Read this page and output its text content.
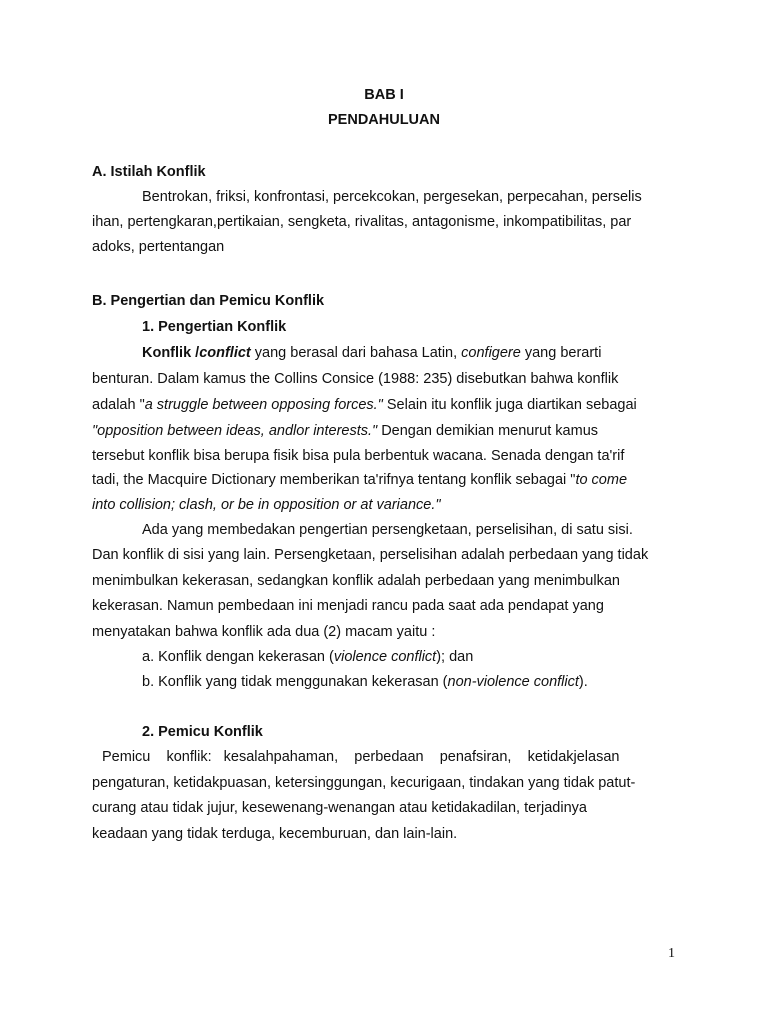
BAB I
PENDAHULUAN
A. Istilah Konflik
Bentrokan, friksi, konfrontasi, percekcokan, pergesekan, perpecahan, perselis
ihan, pertengkaran,pertikaian, sengketa, rivalitas, antagonisme, inkompatibilitas, par
adoks, pertentangan
B. Pengertian dan Pemicu Konflik
1. Pengertian Konflik
Konflik /conflict yang berasal dari bahasa Latin, configere yang berarti
benturan. Dalam kamus the Collins Consice (1988: 235) disebutkan bahwa konflik
adalah "a struggle between opposing forces." Selain itu konflik juga diartikan sebagai
"opposition between ideas, andlor interests." Dengan demikian menurut kamus
tersebut konflik bisa berupa fisik bisa pula berbentuk wacana. Senada dengan ta'rif
tadi, the Macquire Dictionary memberikan ta'rifnya tentang konflik sebagai "to come
into collision; clash, or be in opposition or at variance."
Ada yang membedakan pengertian persengketaan, perselisihan, di satu sisi.
Dan konflik di sisi yang lain. Persengketaan, perselisihan adalah perbedaan yang tidak
menimbulkan kekerasan, sedangkan konflik adalah perbedaan yang menimbulkan
kekerasan. Namun pembedaan ini menjadi rancu pada saat ada pendapat yang
menyatakan bahwa konflik ada dua (2) macam yaitu :
a. Konflik dengan kekerasan (violence conflict); dan
b. Konflik yang tidak menggunakan kekerasan (non-violence conflict).
2. Pemicu Konflik
Pemicu    konflik:   kesalahpahaman,    perbedaan    penafsiran,    ketidakjelasan
pengaturan, ketidakpuasan, ketersinggungan, kecurigaan, tindakan yang tidak patut-
curang atau tidak jujur, kesewenang-wenangan atau ketidakadilan, terjadinya
keadaan yang tidak terduga, kecemburuan, dan lain-lain.
1
